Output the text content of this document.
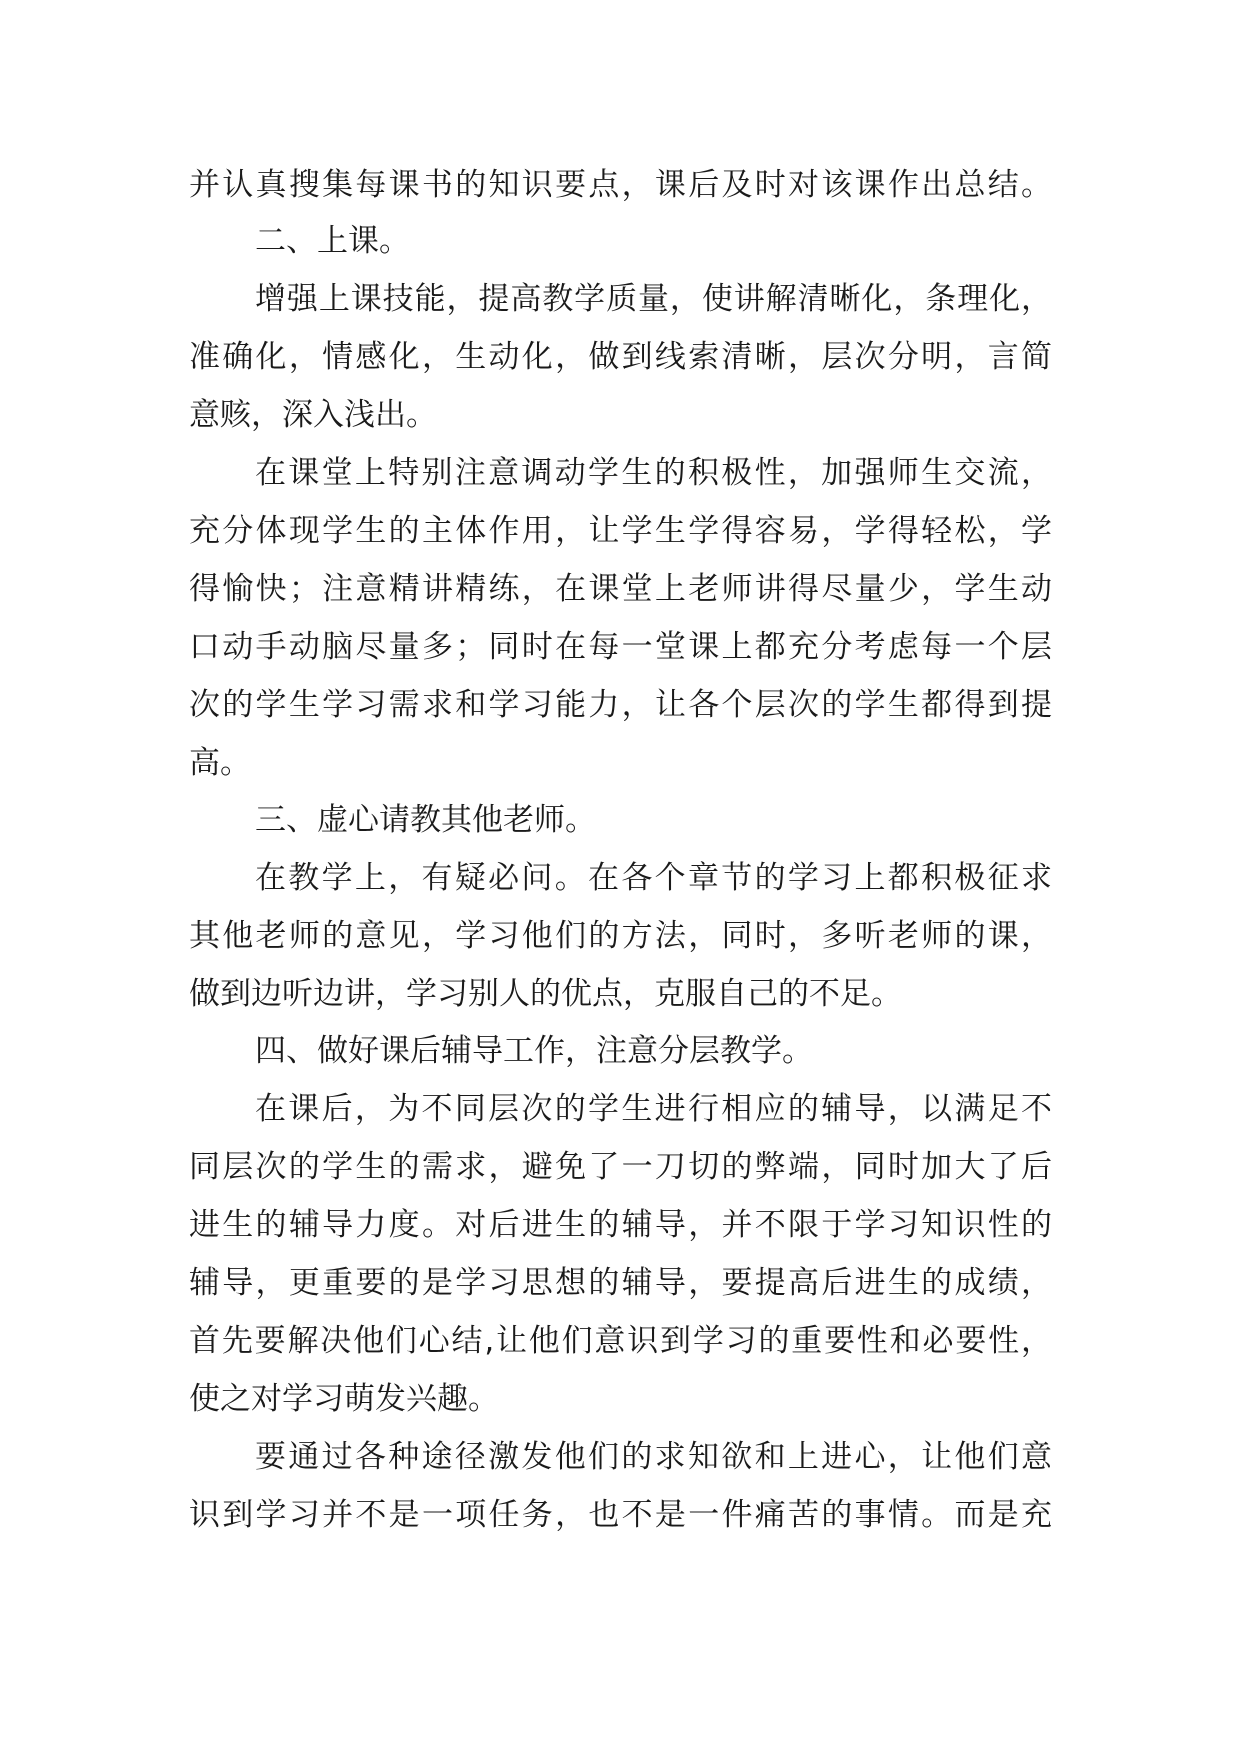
并认真搜集每课书的知识要点，课后及时对该课作出总结。
二、上课。
增强上课技能，提高教学质量，使讲解清晰化，条理化，
准确化，情感化，生动化，做到线索清晰，层次分明，言简
意赅，深入浅出。
在课堂上特别注意调动学生的积极性，加强师生交流，
充分体现学生的主体作用，让学生学得容易，学得轻松，学
得愉快；注意精讲精练，在课堂上老师讲得尽量少，学生动
口动手动脑尽量多；同时在每一堂课上都充分考虑每一个层
次的学生学习需求和学习能力，让各个层次的学生都得到提
高。
三、虚心请教其他老师。
在教学上，有疑必问。在各个章节的学习上都积极征求
其他老师的意见，学习他们的方法，同时，多听老师的课，
做到边听边讲，学习别人的优点，克服自己的不足。
四、做好课后辅导工作，注意分层教学。
在课后，为不同层次的学生进行相应的辅导，以满足不
同层次的学生的需求，避免了一刀切的弊端，同时加大了后
进生的辅导力度。对后进生的辅导，并不限于学习知识性的
辅导，更重要的是学习思想的辅导，要提高后进生的成绩，
首先要解决他们心结,让他们意识到学习的重要性和必要性，
使之对学习萌发兴趣。
要通过各种途径激发他们的求知欲和上进心，让他们意
识到学习并不是一项任务，也不是一件痛苦的事情。而是充
